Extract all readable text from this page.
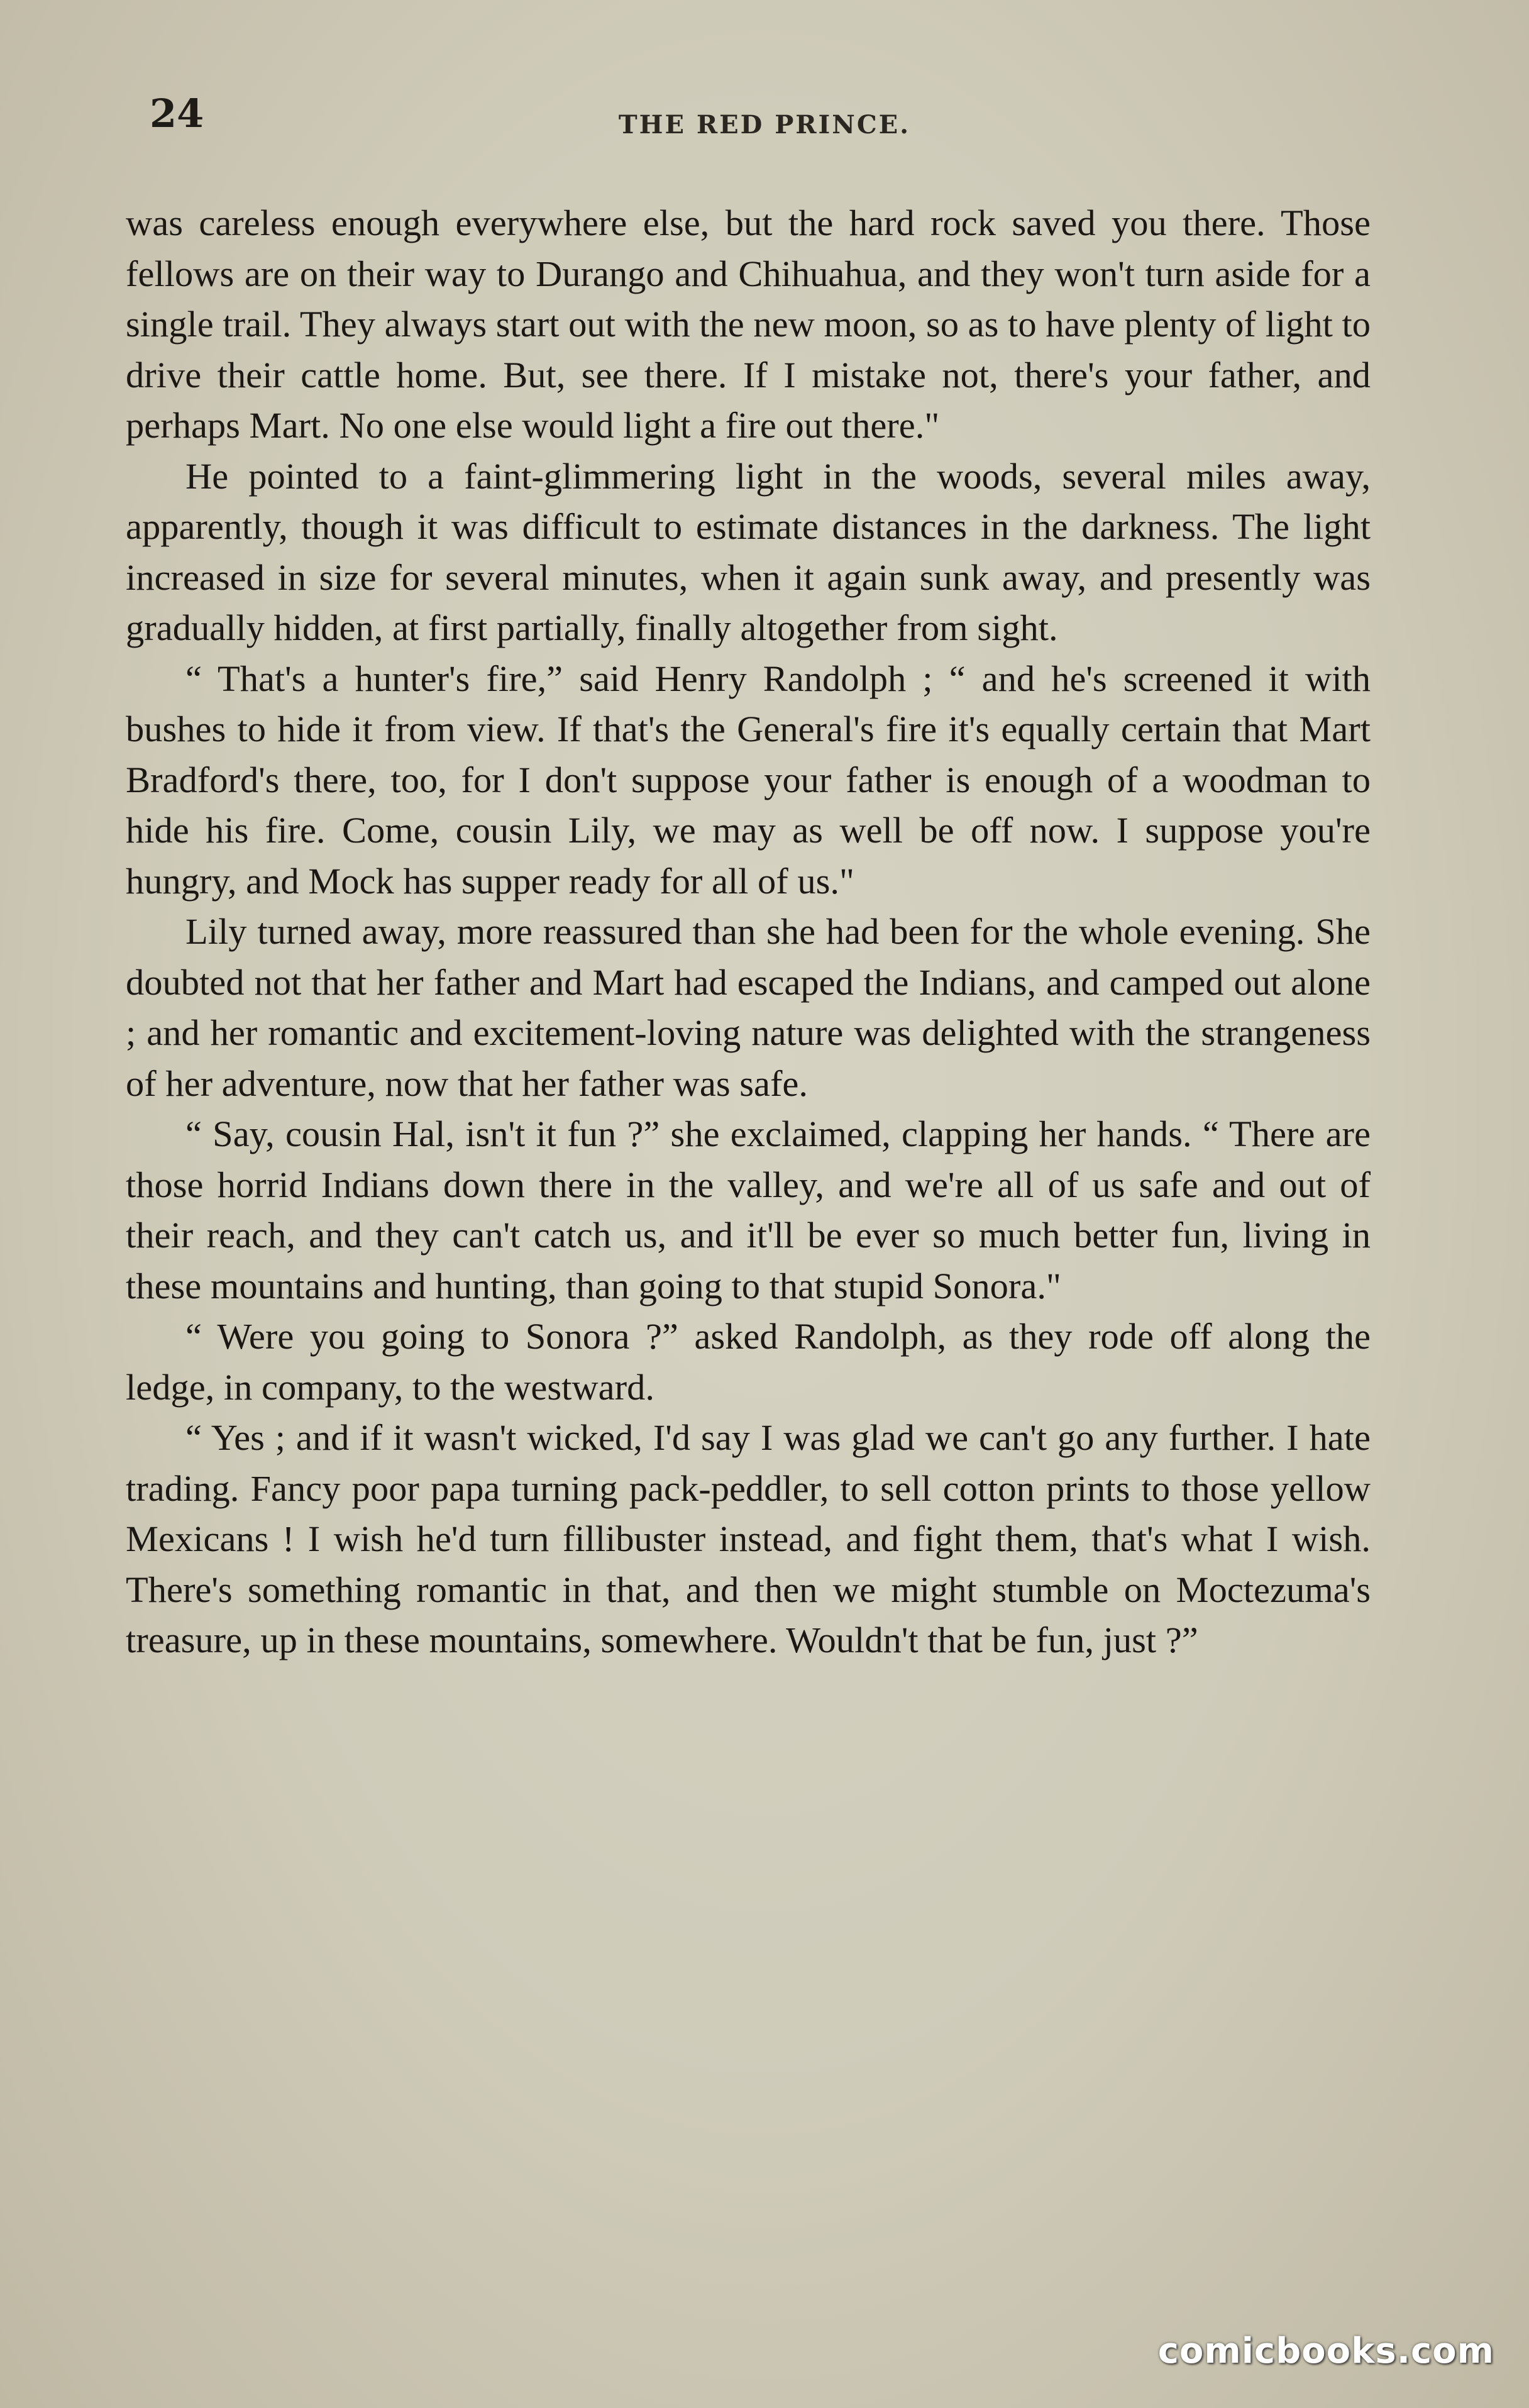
24	THE RED PRINCE.

was careless enough everywhere else, but the hard rock saved you there. Those fellows are on their way to Durango and Chihuahua, and they won't turn aside for a single trail. They always start out with the new moon, so as to have plenty of light to drive their cattle home. But, see there. If I mistake not, there's your father, and perhaps Mart. No one else would light a fire out there."

He pointed to a faint-glimmering light in the woods, several miles away, apparently, though it was difficult to estimate distances in the darkness. The light increased in size for several minutes, when it again sunk away, and presently was gradually hidden, at first partially, finally altogether from sight.

“ That's a hunter's fire,” said Henry Randolph ; “ and he's screened it with bushes to hide it from view. If that's the General's fire it's equally certain that Mart Bradford's there, too, for I don't suppose your father is enough of a woodman to hide his fire. Come, cousin Lily, we may as well be off now. I suppose you're hungry, and Mock has supper ready for all of us."

Lily turned away, more reassured than she had been for the whole evening. She doubted not that her father and Mart had escaped the Indians, and camped out alone ; and her romantic and excitement-loving nature was delighted with the strangeness of her adventure, now that her father was safe.

“ Say, cousin Hal, isn't it fun ?” she exclaimed, clapping her hands. “ There are those horrid Indians down there in the valley, and we're all of us safe and out of their reach, and they can't catch us, and it'll be ever so much better fun, living in these mountains and hunting, than going to that stupid Sonora."

“ Were you going to Sonora ?” asked Randolph, as they rode off along the ledge, in company, to the westward.

“ Yes ; and if it wasn't wicked, I'd say I was glad we can't go any further. I hate trading. Fancy poor papa turning pack-peddler, to sell cotton prints to those yellow Mexicans ! I wish he'd turn fillibuster instead, and fight them, that's what I wish. There's something romantic in that, and then we might stumble on Moctezuma's treasure, up in these mountains, somewhere. Wouldn't that be fun, just ?”

comicbooks.com
